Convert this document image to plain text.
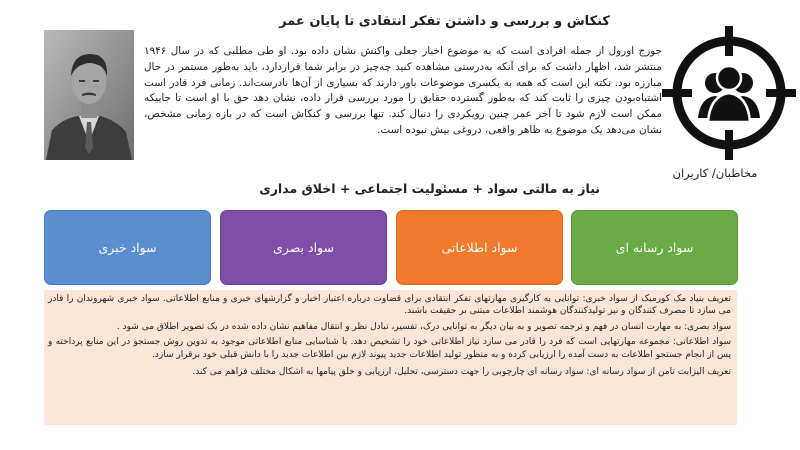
کنکاش و بررسی و داشتن تفکر انتقادی تا پایان عمر

جورج اورول از جمله افرادی است که به موضوع اخبار جعلی واکنش نشان داده بود. او طی مطلبی که در سال ۱۹۴۶ منتشر شد، اظهار داشت که برای آنکه به‌درستی مشاهده کنید چه‌چیز در برابر شما قراردارد، باید به‌طور مستمر در حال مبارزه بود. نکته این است که همه به یکسری موضوعات باور دارند که بسیاری از آن‌ها نادرست‌اند. زمانی فرد قادر است اشتباه‌بودن چیزی را ثابت کند که به‌طور گسترده حقایق را مورد بررسی قرار داده، نشان دهد حق با او است تا جاییکه ممکن است لازم شود تا آخر عمر چنین رویکردی را دنبال کند. تنها بررسی و کنکاش است که در بازه زمانی مشخص، نشان می‌دهد یک موضوع به ظاهر واقعی، دروغی بیش نبوده است.

مخاطبان/ کاربران
نیاز به مالتی سواد + مسئولیت اجتماعی + اخلاق مداری
سواد خبری	سواد بصری	سواد اطلاعاتی	سواد رسانه ای

تعریف بنیاد مک کورمیک از سواد خبری: توانایی به کارگیری مهارتهای تفکر انتقادی برای قضاوت درباره اعتبار اخبار و گزارشهای خبری و منابع اطلاعاتی. سواد خبری شهروندان را قادر می سازد تا مصرف کنندگان و نیز تولیدکنندگان هوشمند اطلاعات مبتنی بر حقیقت باشند.

سواد بصری: به مهارت انسان در فهم و ترجمه تصویر و به بیان دیگر به توانایی درک، تفسیر، تبادل نظر و انتقال مفاهیم نشان داده شده در یک تصویر اطلاق می شود .

سواد اطلاعاتی: مجموعه مهارتهایی است که فرد را قادر می سازد نیاز اطلاعاتی خود را تشخیص دهد. با شناسایی منابع اطلاعاتی موجود به تدوین روش جستجو در این منابع پرداخته و پس از انجام جستجو اطلاعات به دست آمده را ارزیابی کرده و به منظور تولید اطلاعات جدید پیوند لازم بین اطلاعات جدید را با دانش قبلی خود برقرار سازد.

تعریف الیزابت تامن از سواد رسانه ای: سواد رسانه ای چارچوبی را جهت دسترسی، تحلیل، ارزیابی و خلق پیامها به اشکال مختلف فراهم می کند.
